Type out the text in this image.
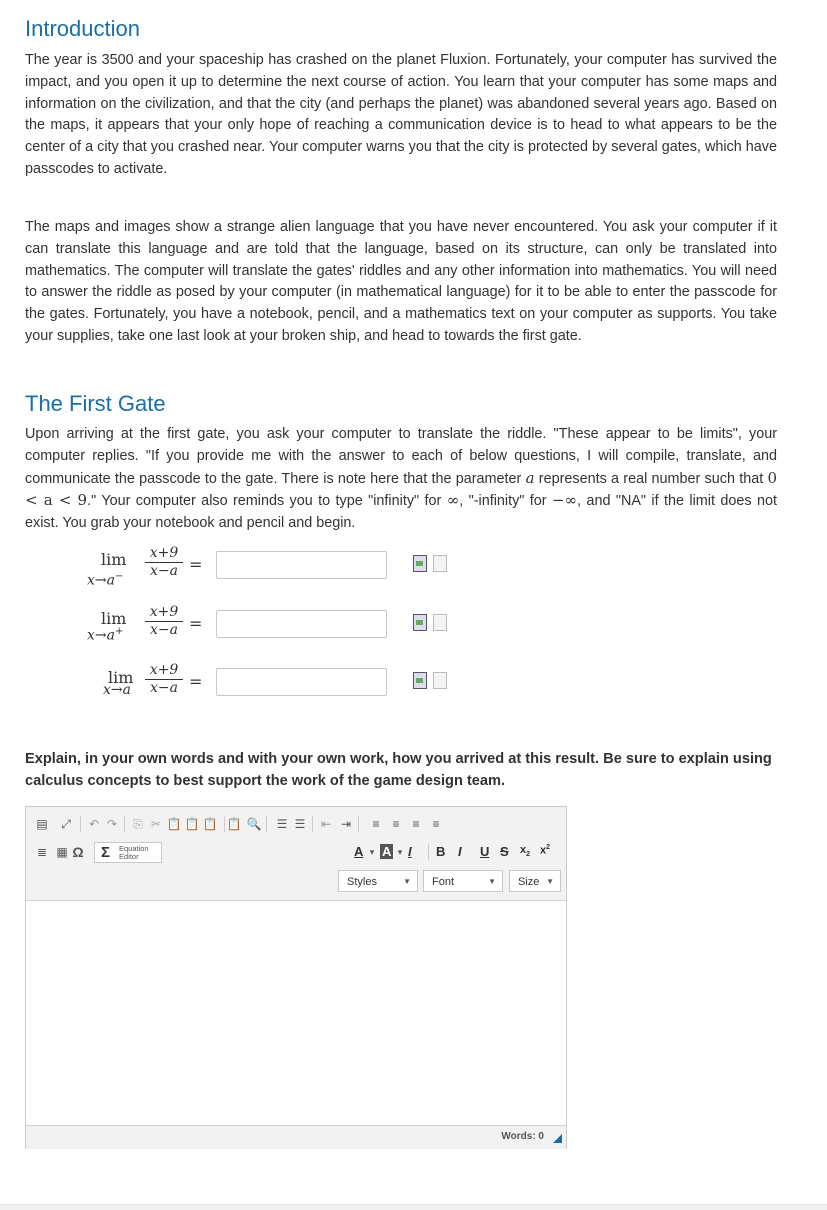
Introduction

The year is 3500 and your spaceship has crashed on the planet Fluxion. Fortunately, your computer has survived the impact, and you open it up to determine the next course of action. You learn that your computer has some maps and information on the civilization, and that the city (and perhaps the planet) was abandoned several years ago. Based on the maps, it appears that your only hope of reaching a communication device is to head to what appears to be the center of a city that you crashed near. Your computer warns you that the city is protected by several gates, which have passcodes to activate.

The maps and images show a strange alien language that you have never encountered. You ask your computer if it can translate this language and are told that the language, based on its structure, can only be translated into mathematics. The computer will translate the gates' riddles and any other information into mathematics. You will need to answer the riddle as posed by your computer (in mathematical language) for it to be able to enter the passcode for the gates. Fortunately, you have a notebook, pencil, and a mathematics text on your computer as supports. You take your supplies, take one last look at your broken ship, and head to towards the first gate.

The First Gate

Upon arriving at the first gate, you ask your computer to translate the riddle. "These appear to be limits", your computer replies. "If you provide me with the answer to each of below questions, I will compile, translate, and communicate the passcode to the gate. There is note here that the parameter a represents a real number such that 0 < a < 9." Your computer also reminds you to type "infinity" for ∞, "-infinity" for −∞, and "NA" if the limit does not exist. You grab your notebook and pencil and begin.

lim
$x\to a^- \frac{x+9}{x-a}$ =
lim
$x\to a^+ \frac{x+9}{x-a}$ =
lim
$x\to a \frac{x+9}{x-a}$ =

Explain, in your own words and with your own work, how you arrived at this result. Be sure to explain using calculus concepts to best support the work of the game design team.

▤ ⤢ ↶ ↷ ⎘ ✂ 📋 📋 📋 📋 🔍 ☰ ☰ ⇤ ⇥	≡	≡	≡	≡
≣ ▦ Ω Σ Equation Editor	A ▾ A ▾ I B I U S $x_2$ $x^2$
Styles	▼	Font	▼	Size ▼
Words: 0
